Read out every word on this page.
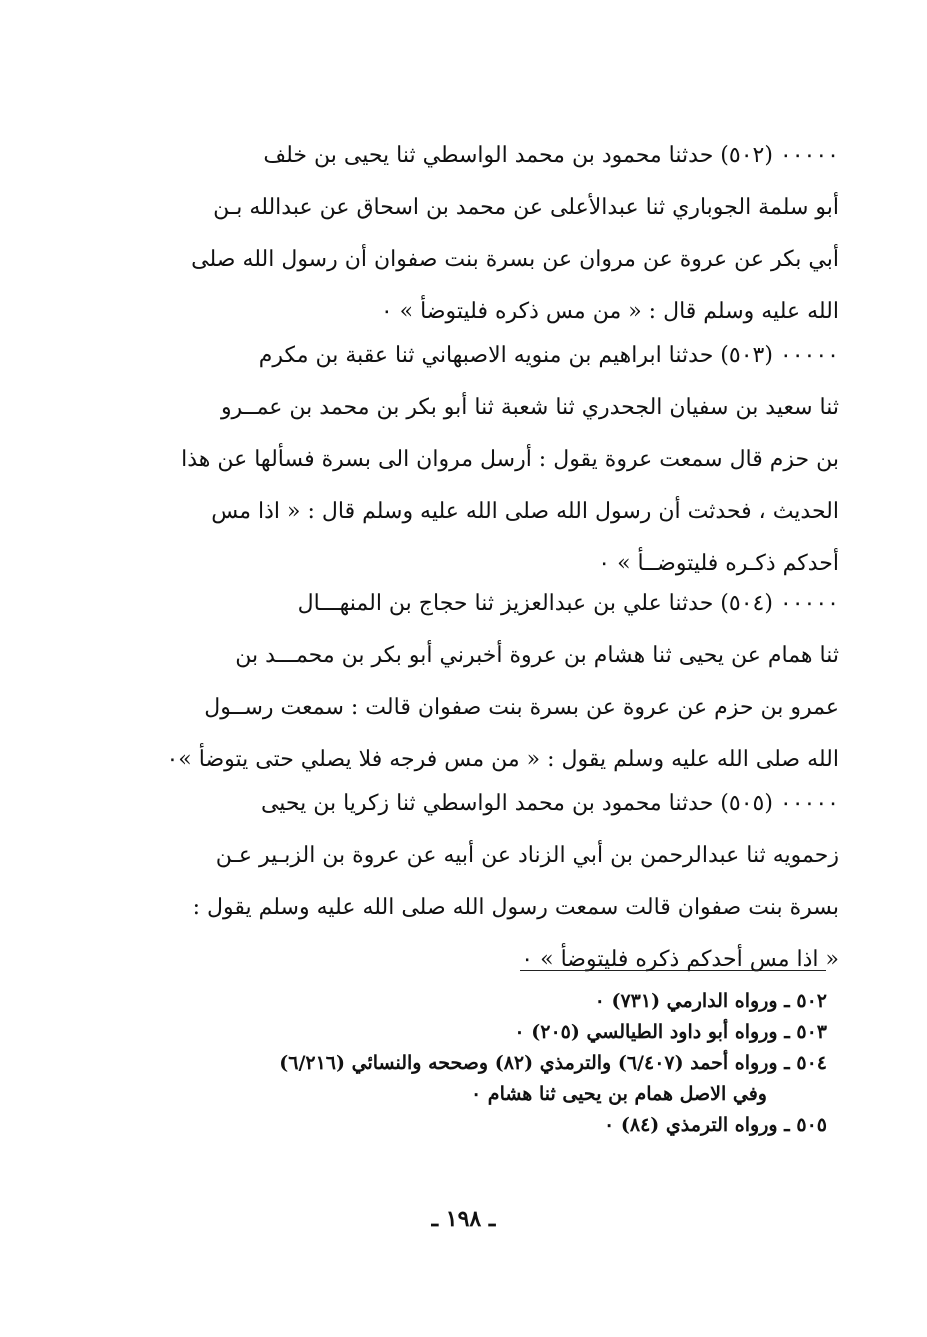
٠٠٠٠٠ (٥٠٢) حدثنا محمود بن محمد الواسطي ثنا يحيى بن خلف
أبو سلمة الجوباري ثنا عبدالأعلى عن محمد بن اسحاق عن عبدالله بـن
أبي بكر عن عروة عن مروان عن بسرة بنت صفوان أن رسول الله صلى
الله عليه وسلم قال : « من مس ذكره فليتوضأ » ٠
٠٠٠٠٠ (٥٠٣) حدثنا ابراهيم بن منويه الاصبهاني ثنا عقبة بن مكرم
ثنا سعيد بن سفيان الجحدري ثنا شعبة ثنا أبو بكر بن محمد بن عمــرو
بن حزم قال سمعت عروة يقول : أرسل مروان الى بسرة فسألها عن هذا
الحديث ، فحدثت أن رسول الله صلى الله عليه وسلم قال : « اذا مس
أحدكم ذكـره فليتوضــأ » ٠
٠٠٠٠٠ (٥٠٤) حدثنا علي بن عبدالعزيز ثنا حجاج بن المنهـــال
ثنا همام عن يحيى ثنا هشام بن عروة أخبرني أبو بكر بن محمـــد بن
عمرو بن حزم عن عروة عن بسرة بنت صفوان قالت : سمعت رســول
الله صلى الله عليه وسلم يقول : « من مس فرجه فلا يصلي حتى يتوضأ »٠
٠٠٠٠٠ (٥٠٥) حدثنا محمود بن محمد الواسطي ثنا زكريا بن يحيى
زحمويه ثنا عبدالرحمن بن أبي الزناد عن أبيه عن عروة بن الزبـير عـن
بسرة بنت صفوان قالت سمعت رسول الله صلى الله عليه وسلم يقول :
« اذا مس أحدكم ذكره فليتوضأ » ٠
٥٠٢ ـ ورواه الدارمي (٧٣١) ٠
٥٠٣ ـ ورواه أبو داود الطيالسي (٢٠٥) ٠
٥٠٤ ـ ورواه أحمد (٦/٤٠٧) والترمذي (٨٢) وصححه والنسائي (٦/٢١٦)
وفي الاصل همام بن يحيى ثنا هشام ٠
٥٠٥ ـ ورواه الترمذي (٨٤) ٠
ـ ١٩٨ ـ
